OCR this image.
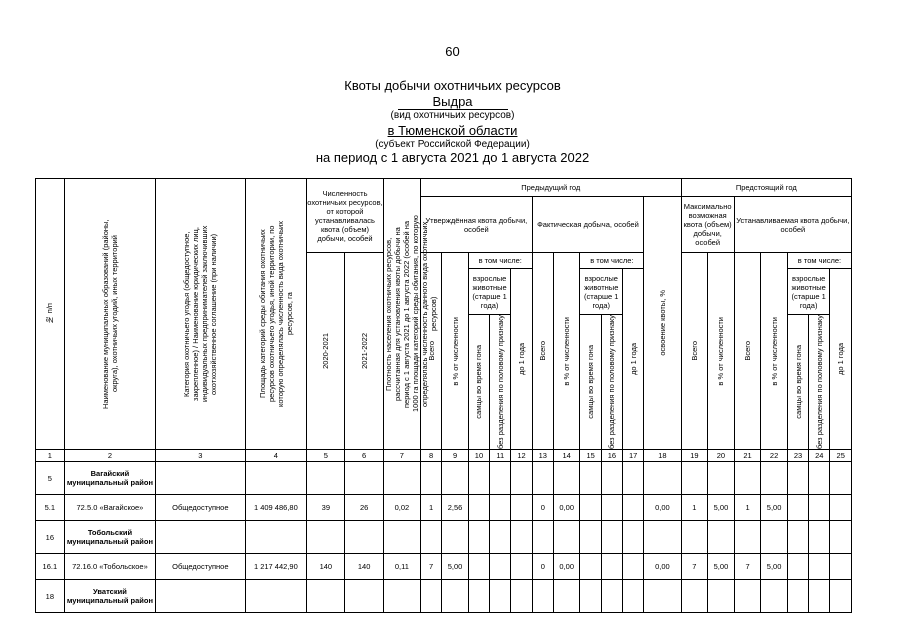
60
Квоты добычи охотничьих ресурсов
Выдра
(вид охотничьих ресурсов)
в Тюменской области
(субъект Российской Федерации)
на период с 1 августа 2021 до 1 августа 2022
№ п/п	Наименование муниципальных образований (районы, округа), охотничьих угодий, иных территорий	Категория охотничьего угодья (общедоступное, закрепленное) / Наименование юридических лиц, индивидуальных предпринимателей заключивших охотхозяйственное соглашение (при наличии)	Площадь категорий среды обитания охотничьих ресурсов охотничьего угодья, иной территории, по которую определялась численность вида охотничьих ресурсов, га	Численность охотничьих ресурсов, от которой устанавливалась квота (объем) добычи, особей		Плотность населения охотничьих ресурсов, рассчитанная для установления квоты добычи на период с 1 августа 2021 до 1 августа 2022 (особей на 1000 га площади категорий среды обитания, по которую определялась численность данного вида охотничьих ресурсов)	Предыдущий год											Предстоящий год						
							Утверждённая квота добычи, особей					Фактическая добыча, особей					освоение квоты, %	Максимально возможная квота (объем) добычи, особей		Устанавливаемая квота добычи, особей				

				2020-2021	2021-2022		Всего	в % от численности	в том числе:			Всего	в % от численности	в том числе:				Всего	в % от численности	Всего	в % от численности	в том числе:		
									взрослые животные (старше 1 года)		до 1 года			взрослые животные (старше 1 года)		до 1 года						взрослые животные (старше 1 года)		до 1 года

									самцы во время гона	без разделения по половому признаку				самцы во время гона	без разделения по половому признаку							самцы во время гона	без разделения по половому признаку	

1	2	3	4	5	6	7	8	9	10	11	12	13	14	15	16	17	18	19	20	21	22	23	24	25
5	Вагайский муниципальный район																							
5.1	72.5.0 «Вагайское»	Общедоступное	1 409 486,80	39	26	0,02	1	2,56				0	0,00				0,00	1	5,00	1	5,00			
16	Тобольский муниципальный район																							
16.1	72.16.0 «Тобольское»	Общедоступное	1 217 442,90	140	140	0,11	7	5,00				0	0,00				0,00	7	5,00	7	5,00			
18	Уватский муниципальный район																							
